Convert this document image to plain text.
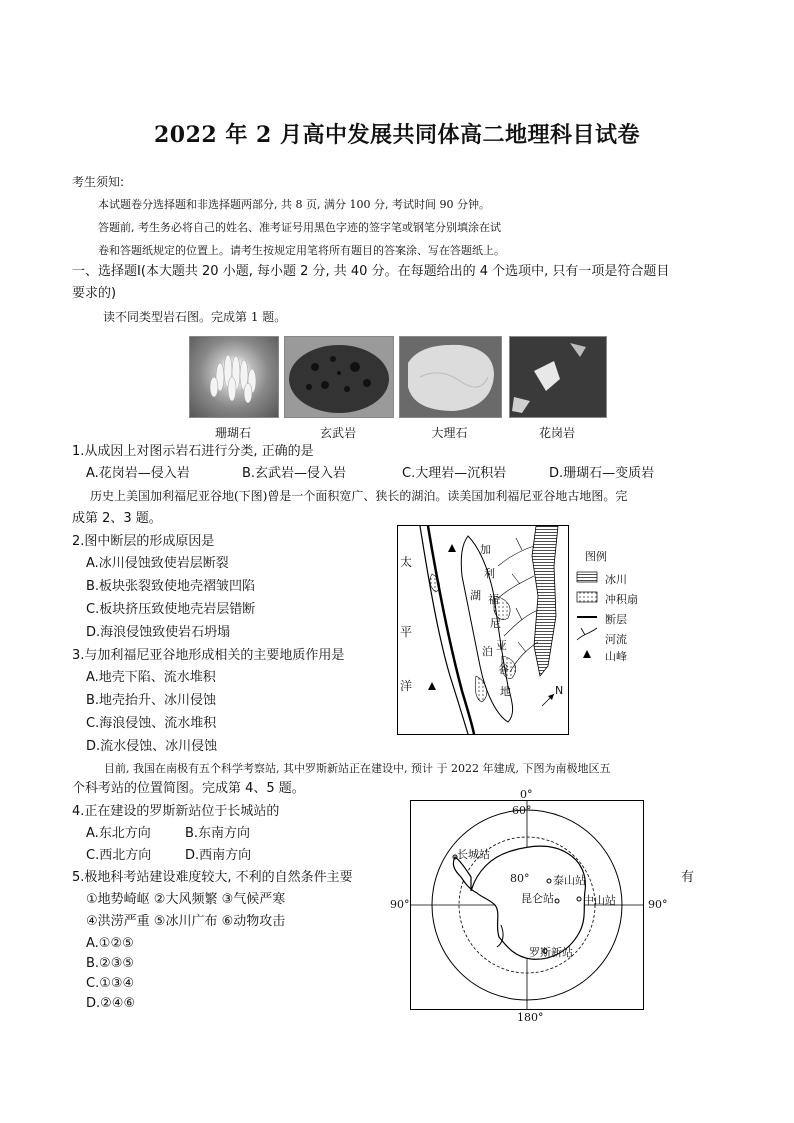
2022 年 2 月高中发展共同体高二地理科目试卷
考生须知:
本试题卷分选择题和非选择题两部分, 共 8 页, 满分 100 分, 考试时间 90 分钟。
答题前, 考生务必将自己的姓名、准考证号用黑色字迹的签字笔或钢笔分别填涂在试
卷和答题纸规定的位置上。请考生按规定用笔将所有题目的答案涂、写在答题纸上。
一、选择题Ⅰ(本大题共 20 小题, 每小题 2 分, 共 40 分。在每题给出的 4 个选项中, 只有一项是符合题目
要求的)
读不同类型岩石图。完成第 1 题。
珊瑚石	玄武岩	大理石	花岗岩
1.从成因上对图示岩石进行分类, 正确的是
A.花岗岩—侵入岩	B.玄武岩—侵入岩	C.大理岩—沉积岩	D.珊瑚石—变质岩
历史上美国加利福尼亚谷地(下图)曾是一个面积宽广、狭长的湖泊。读美国加利福尼亚谷地古地图。完
成第 2、3 题。
2.图中断层的形成原因是
A.冰川侵蚀致使岩层断裂
B.板块张裂致使地壳褶皱凹陷
C.板块挤压致使地壳岩层错断
D.海浪侵蚀致使岩石坍塌
3.与加利福尼亚谷地形成相关的主要地质作用是
A.地壳下陷、流水堆积
B.地壳抬升、冰川侵蚀
C.海浪侵蚀、流水堆积
D.流水侵蚀、冰川侵蚀
太
平
洋
加
利
湖 福
尼
亚
泊
谷
地	N
图例
冰川
冲积扇
断层
河流
山峰
目前, 我国在南极有五个科学考察站, 其中罗斯新站正在建设中, 预计 于 2022 年建成, 下图为南极地区五
个科考站的位置简图。完成第 4、5 题。
4.正在建设的罗斯新站位于长城站的
A.东北方向	B.东南方向
C.西北方向	D.西南方向
5.极地科考站建设难度较大, 不利的自然条件主要	有
①地势崎岖 ②大风频繁 ③气候严寒
④洪涝严重 ⑤冰川广布 ⑥动物攻击
A.①②⑤
B.②③⑤
C.①③④
D.②④⑥
60°
80°
长城站
泰山站
昆仑站	中山站
罗斯新站
0°
180°
90°	90°
